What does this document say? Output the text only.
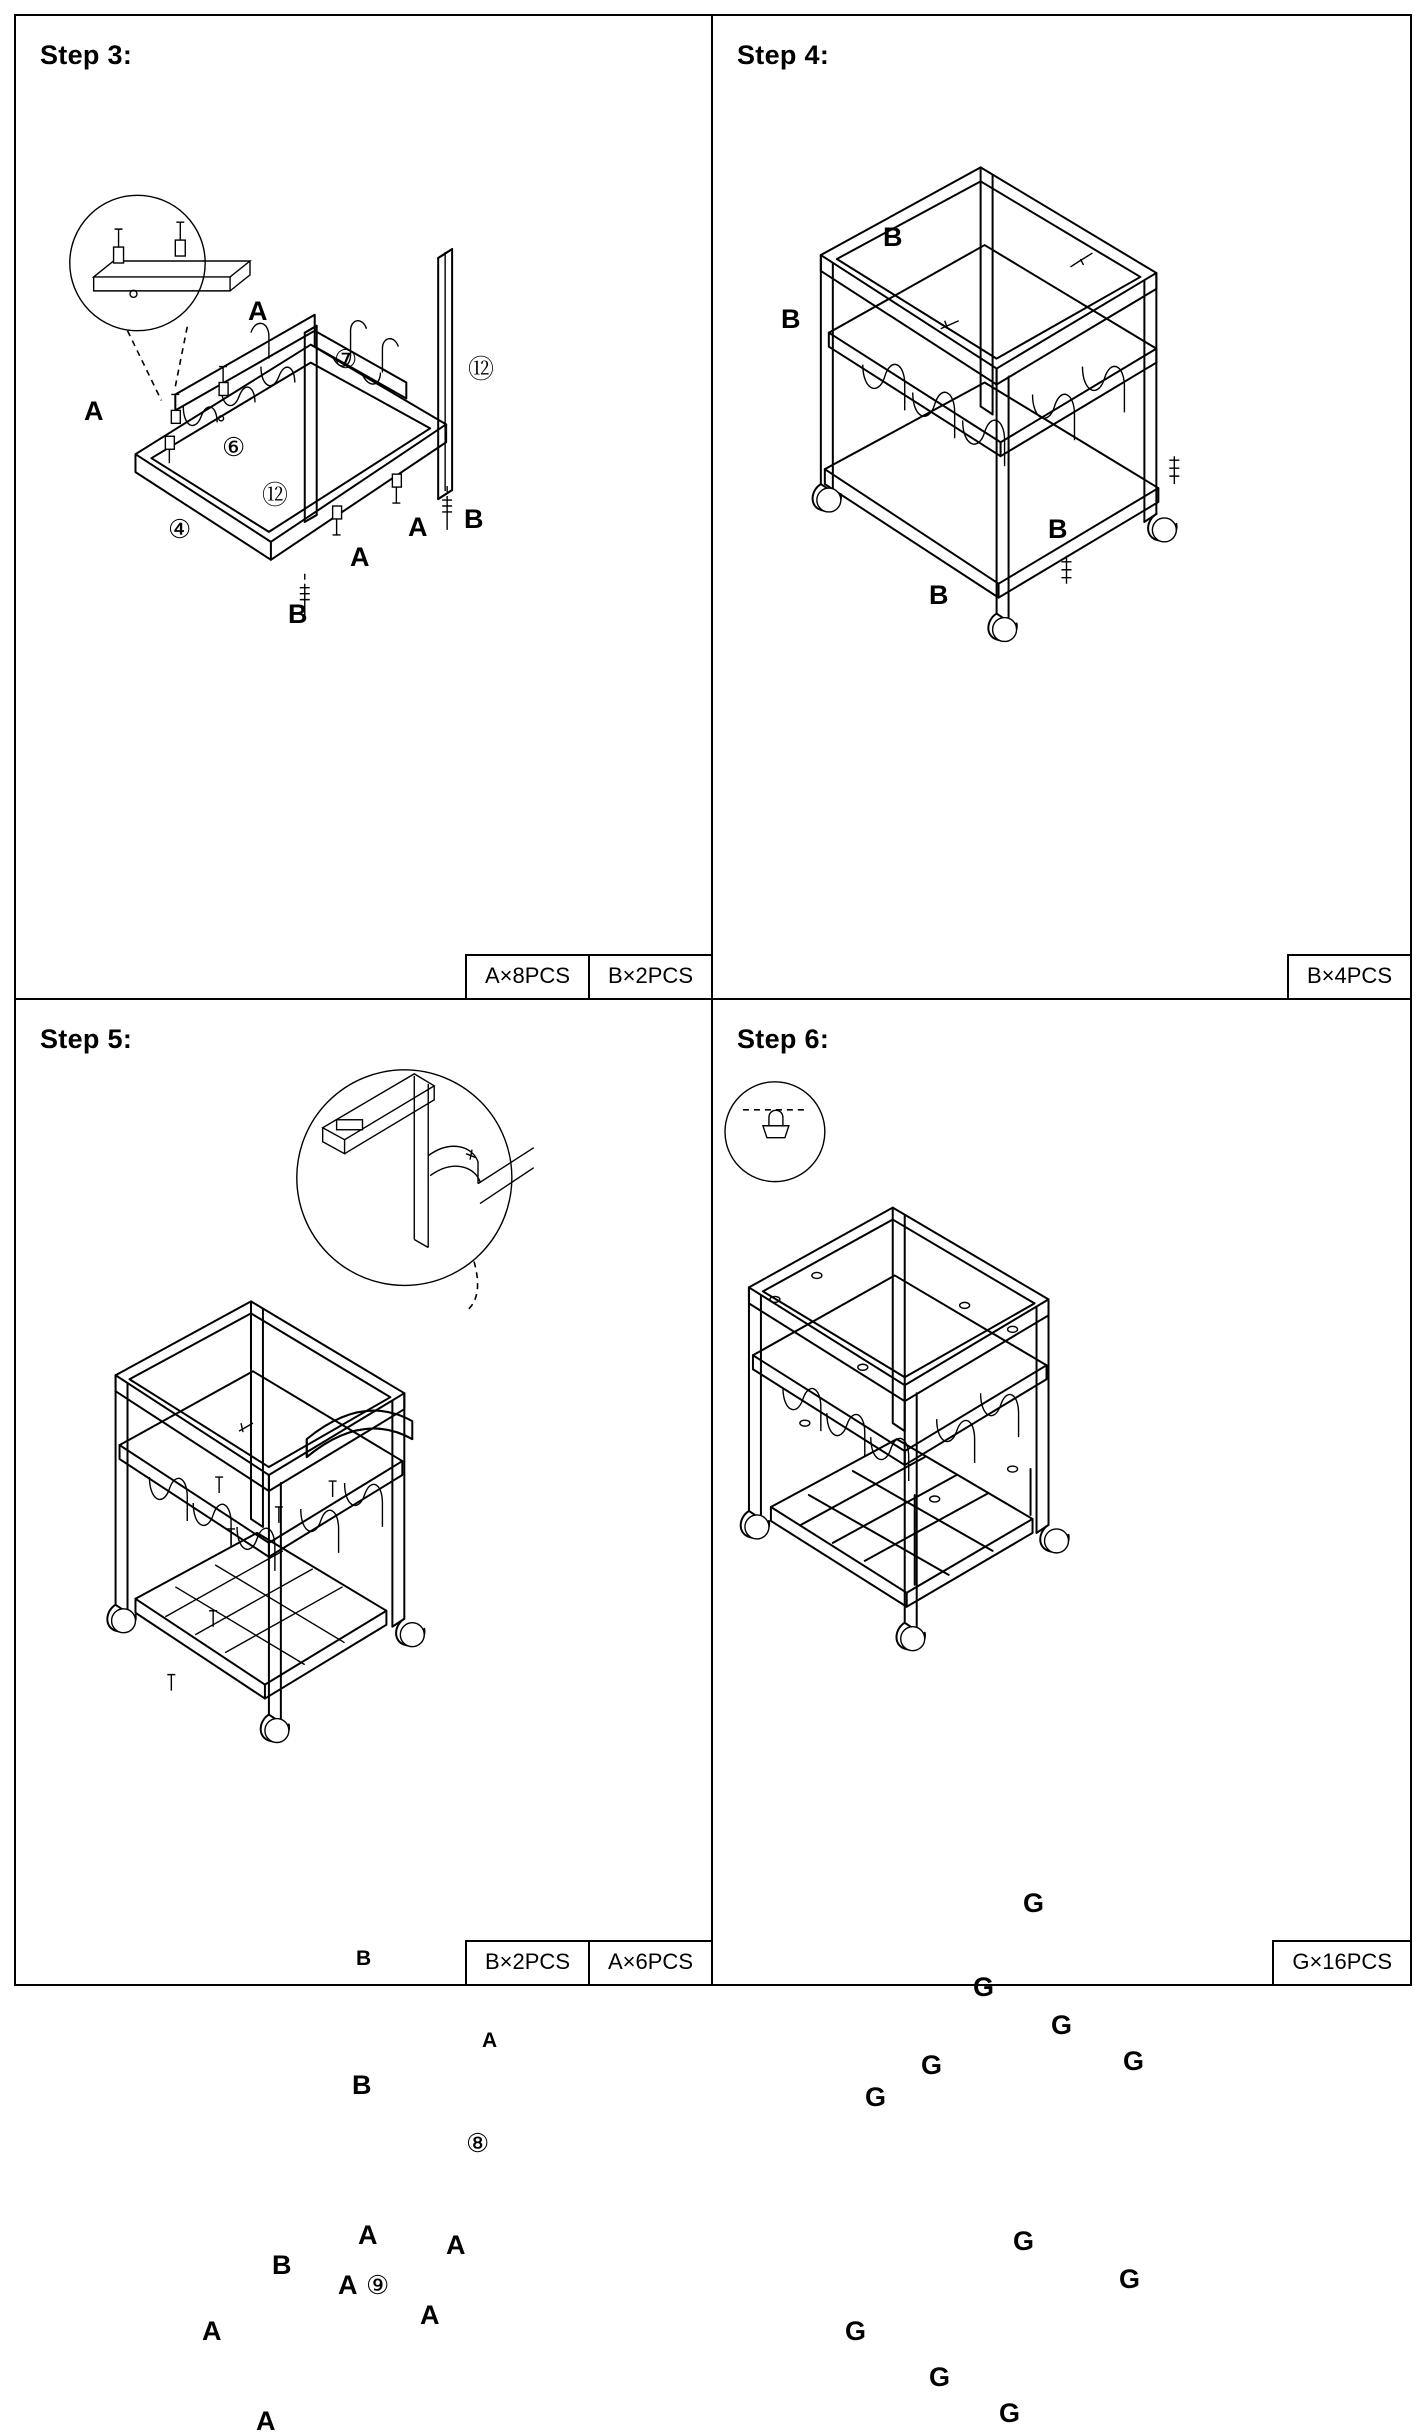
Step 3:
A
A
A
A
B
B
⑦	⑫
⑥
⑫
④
A×8PCS	B×2PCS
Step 4:
B
B
B
B
B×4PCS
Step 5:
B
A
B
B
⑧
⑨
A	A
A
A
A
A
B×2PCS	A×6PCS
Step 6:
G
G
G
G
G
G
G
G
G
G
G
G×16PCS
